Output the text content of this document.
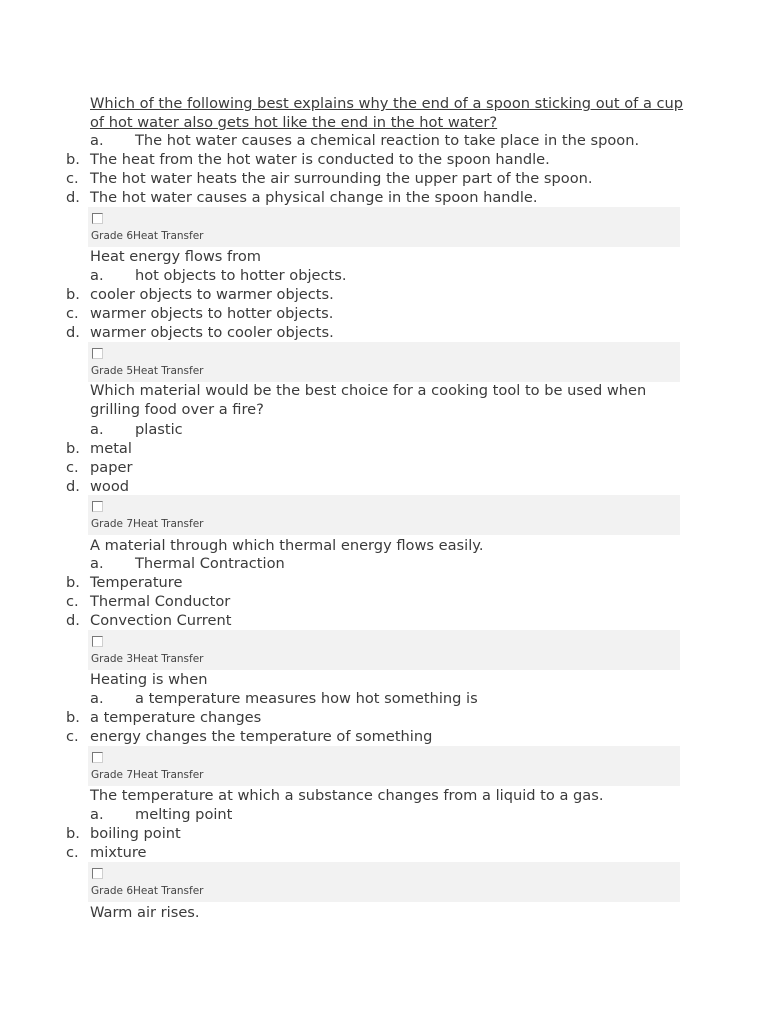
Which of the following best explains why the end of a spoon sticking out of a cup of hot water also gets hot like the end in the hot water?
a. The hot water causes a chemical reaction to take place in the spoon.
b. The heat from the hot water is conducted to the spoon handle.
c. The hot water heats the air surrounding the upper part of the spoon.
d. The hot water causes a physical change in the spoon handle.
Grade 6Heat Transfer
Heat energy flows from
a. hot objects to hotter objects.
b. cooler objects to warmer objects.
c. warmer objects to hotter objects.
d. warmer objects to cooler objects.
Grade 5Heat Transfer
Which material would be the best choice for a cooking tool to be used when grilling food over a fire?
a. plastic
b. metal
c. paper
d. wood
Grade 7Heat Transfer
A material through which thermal energy flows easily.
a. Thermal Contraction
b. Temperature
c. Thermal Conductor
d. Convection Current
Grade 3Heat Transfer
Heating is when
a. a temperature measures how hot something is
b. a temperature changes
c. energy changes the temperature of something
Grade 7Heat Transfer
The temperature at which a substance changes from a liquid to a gas.
a. melting point
b. boiling point
c. mixture
Grade 6Heat Transfer
Warm air rises.
